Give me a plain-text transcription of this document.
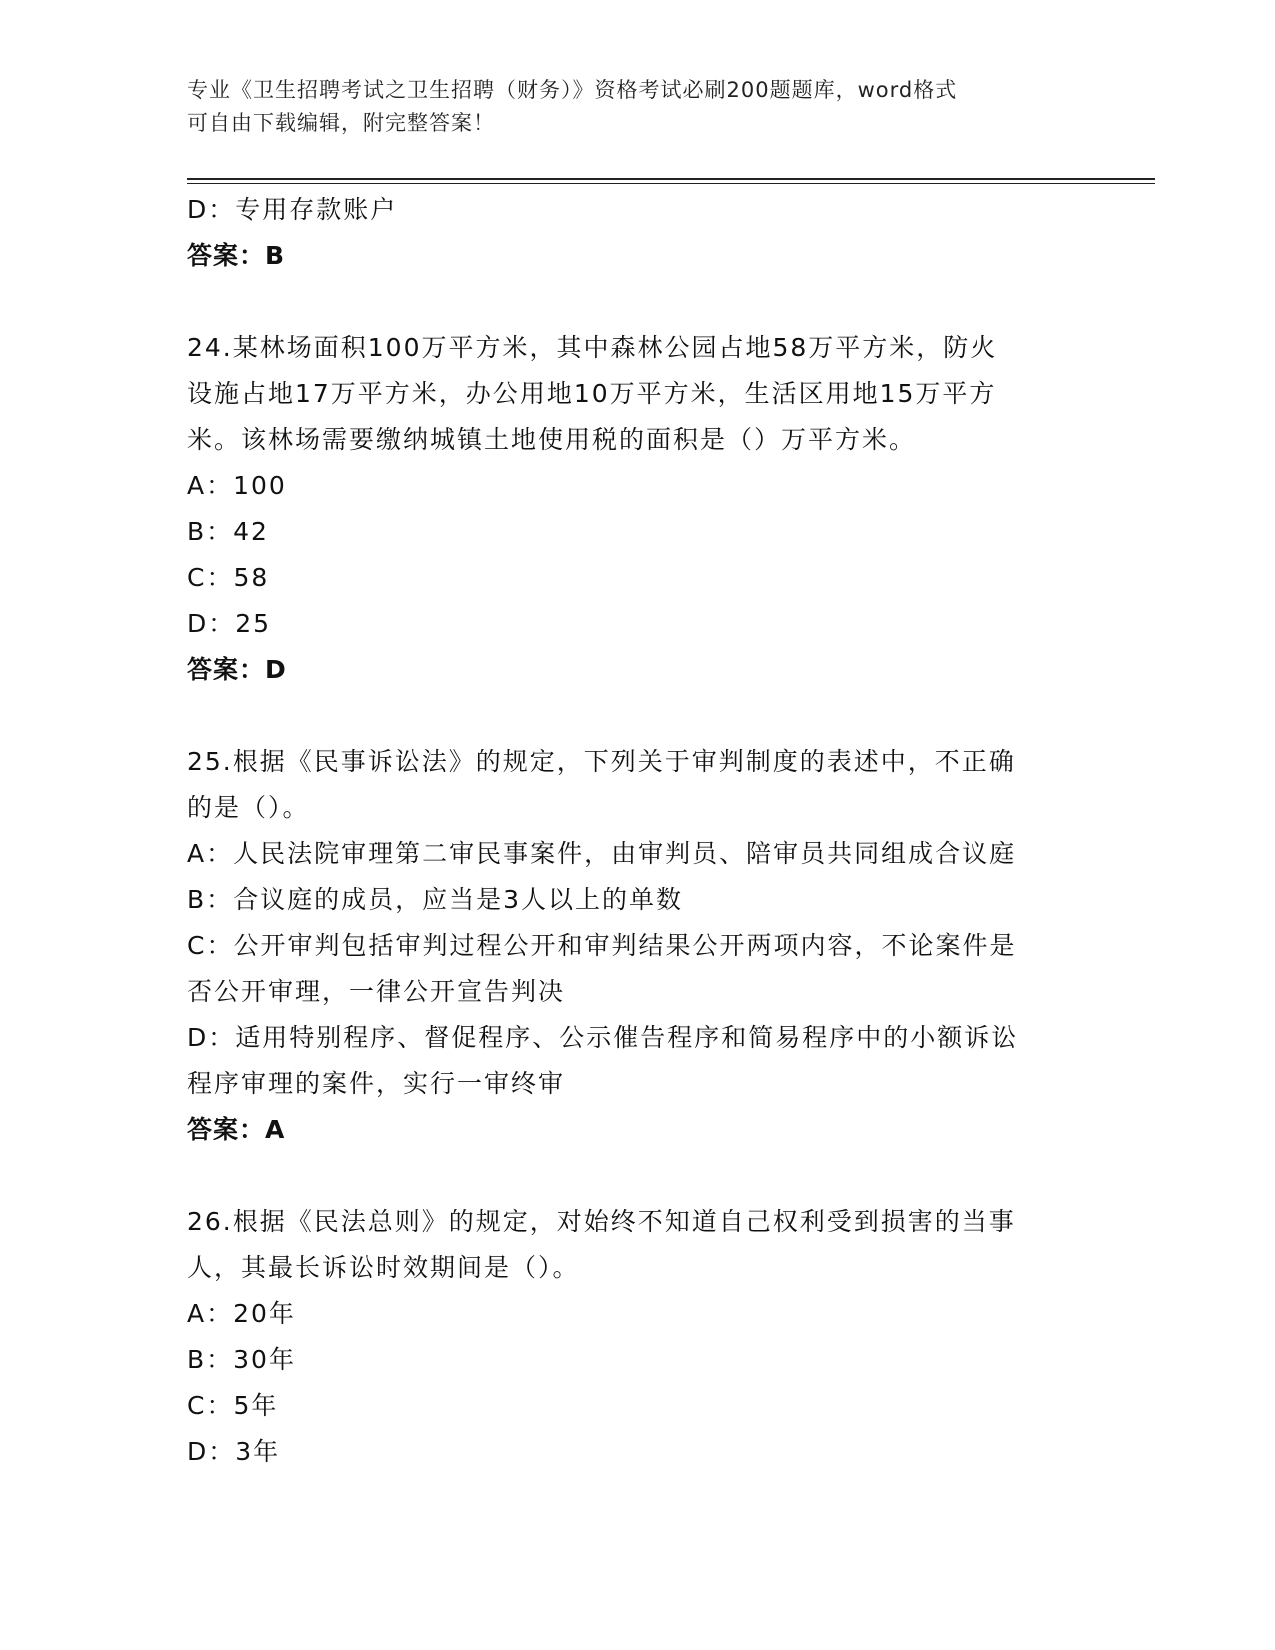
专业《卫生招聘考试之卫生招聘（财务）》资格考试必刷200题题库，word格式
可自由下载编辑，附完整答案！
D：专用存款账户
答案：B
24.某林场面积100万平方米，其中森林公园占地58万平方米，防火
设施占地17万平方米，办公用地10万平方米，生活区用地15万平方
米。该林场需要缴纳城镇土地使用税的面积是（）万平方米。
A：100
B：42
C：58
D：25
答案：D
25.根据《民事诉讼法》的规定，下列关于审判制度的表述中，不正确
的是（）。
A：人民法院审理第二审民事案件，由审判员、陪审员共同组成合议庭
B：合议庭的成员，应当是3人以上的单数
C：公开审判包括审判过程公开和审判结果公开两项内容，不论案件是
否公开审理，一律公开宣告判决
D：适用特别程序、督促程序、公示催告程序和简易程序中的小额诉讼
程序审理的案件，实行一审终审
答案：A
26.根据《民法总则》的规定，对始终不知道自己权利受到损害的当事
人，其最长诉讼时效期间是（）。
A：20年
B：30年
C：5年
D：3年
